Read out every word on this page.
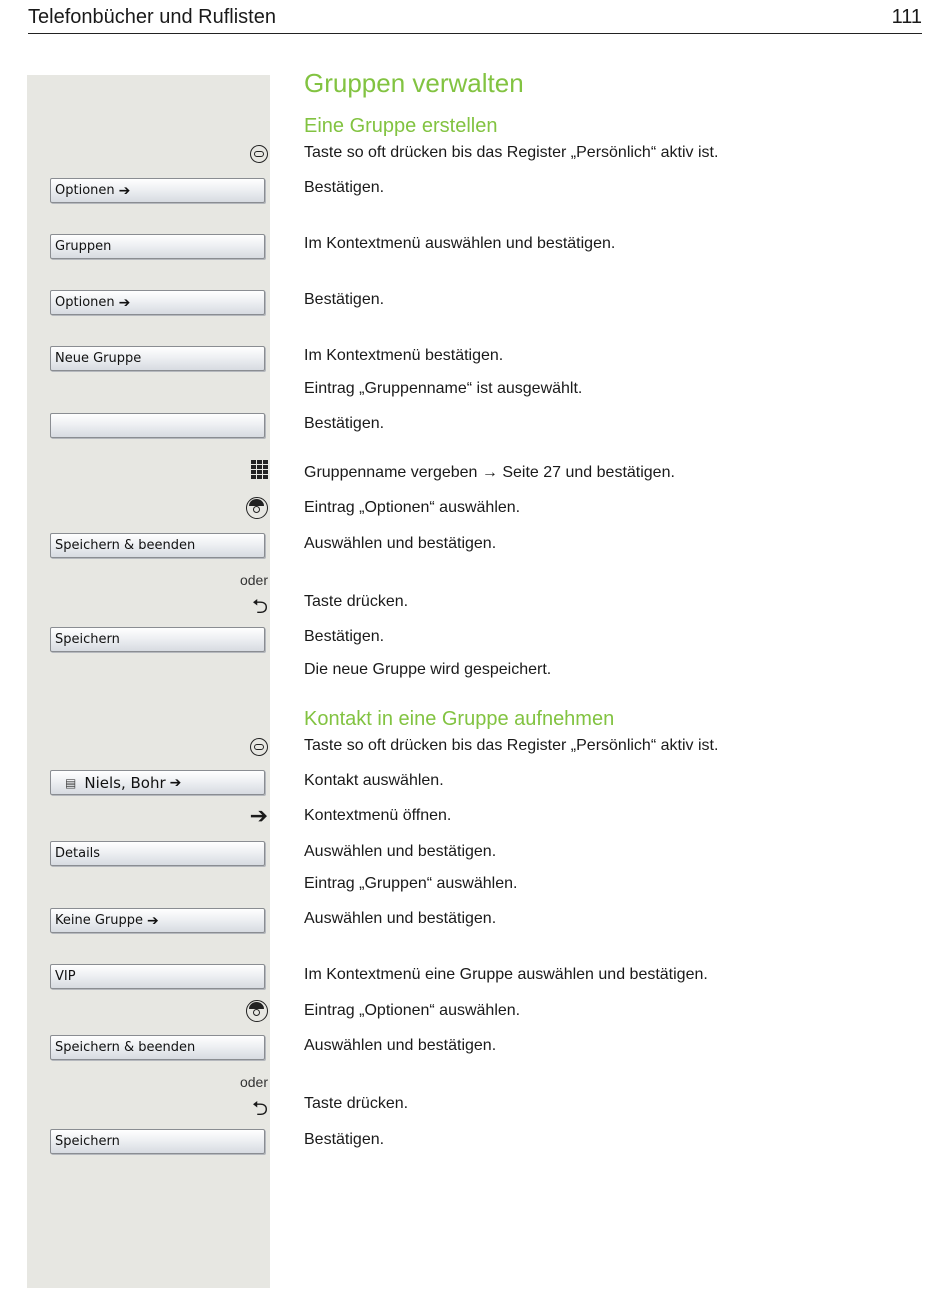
Telefonbücher und Ruflisten	111
Gruppen verwalten
Eine Gruppe erstellen
Taste so oft drücken bis das Register „Persönlich“ aktiv ist.
Optionen ➔	Bestätigen.
Gruppen	Im Kontextmenü auswählen und bestätigen.
Optionen ➔	Bestätigen.
Neue Gruppe	Im Kontextmenü bestätigen.
Eintrag „Gruppenname“ ist ausgewählt.
Bestätigen.
Gruppenname vergeben → Seite 27 und bestätigen.
Eintrag „Optionen“ auswählen.
Speichern & beenden	Auswählen und bestätigen.
oder
⮌ Taste drücken.
Speichern	Bestätigen.
Die neue Gruppe wird gespeichert.
Kontakt in eine Gruppe aufnehmen
Taste so oft drücken bis das Register „Persönlich“ aktiv ist.
▤ Niels, Bohr ➔	Kontakt auswählen.
➔ Kontextmenü öffnen.
Details	Auswählen und bestätigen.
Eintrag „Gruppen“ auswählen.
Keine Gruppe ➔	Auswählen und bestätigen.
VIP	Im Kontextmenü eine Gruppe auswählen und bestätigen.
Eintrag „Optionen“ auswählen.
Speichern & beenden	Auswählen und bestätigen.
oder
⮌ Taste drücken.
Speichern	Bestätigen.
